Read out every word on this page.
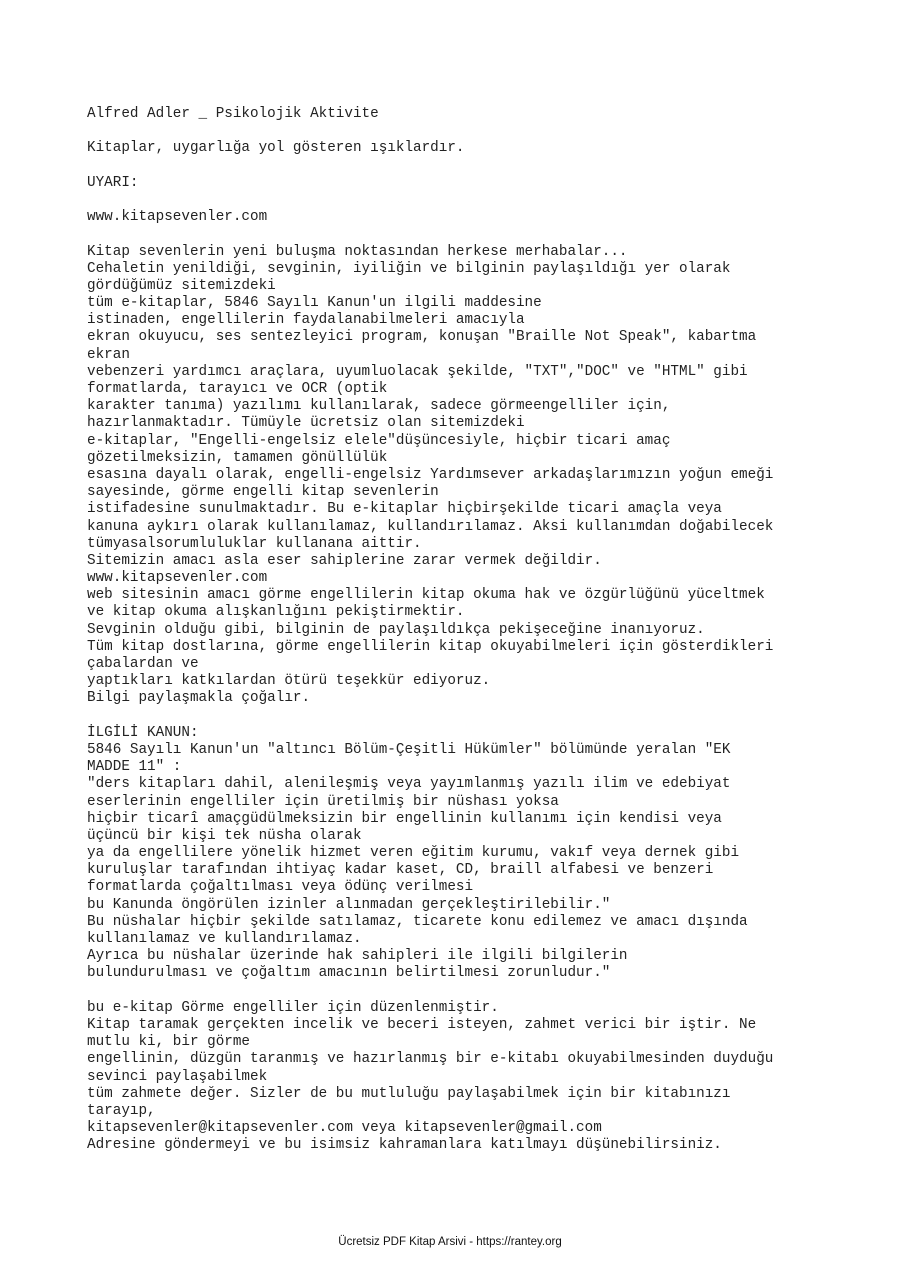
Alfred Adler _ Psikolojik Aktivite
Kitaplar, uygarlığa yol gösteren ışıklardır.
UYARI:
www.kitapsevenler.com
Kitap sevenlerin yeni buluşma noktasından herkese merhabalar...
Cehaletin yenildiği, sevginin, iyiliğin ve bilginin paylaşıldığı yer olarak
gördüğümüz sitemizdeki
tüm e-kitaplar, 5846 Sayılı Kanun'un ilgili maddesine
istinaden, engellilerin faydalanabilmeleri amacıyla
ekran okuyucu, ses sentezleyici program, konuşan "Braille Not Speak", kabartma
ekran
vebenzeri yardımcı araçlara, uyumluolacak şekilde, "TXT","DOC" ve "HTML" gibi
formatlarda, tarayıcı ve OCR (optik
karakter tanıma) yazılımı kullanılarak, sadece görmeengelliler için,
hazırlanmaktadır. Tümüyle ücretsiz olan sitemizdeki
e-kitaplar, "Engelli-engelsiz elele"düşüncesiyle, hiçbir ticari amaç
gözetilmeksizin, tamamen gönüllülük
esasına dayalı olarak, engelli-engelsiz Yardımsever arkadaşlarımızın yoğun emeği
sayesinde, görme engelli kitap sevenlerin
istifadesine sunulmaktadır. Bu e-kitaplar hiçbirşekilde ticari amaçla veya
kanuna aykırı olarak kullanılamaz, kullandırılamaz. Aksi kullanımdan doğabilecek
tümyasalsorumluluklar kullanana aittir.
Sitemizin amacı asla eser sahiplerine zarar vermek değildir.
www.kitapsevenler.com
web sitesinin amacı görme engellilerin kitap okuma hak ve özgürlüğünü yüceltmek
ve kitap okuma alışkanlığını pekiştirmektir.
Sevginin olduğu gibi, bilginin de paylaşıldıkça pekişeceğine inanıyoruz.
Tüm kitap dostlarına, görme engellilerin kitap okuyabilmeleri için gösterdikleri
çabalardan ve
yaptıkları katkılardan ötürü teşekkür ediyoruz.
Bilgi paylaşmakla çoğalır.
İLGİLİ KANUN:
5846 Sayılı Kanun'un "altıncı Bölüm-Çeşitli Hükümler" bölümünde yeralan "EK
MADDE 11" :
"ders kitapları dahil, alenileşmiş veya yayımlanmış yazılı ilim ve edebiyat
eserlerinin engelliler için üretilmiş bir nüshası yoksa
hiçbir ticarî amaçgüdülmeksizin bir engellinin kullanımı için kendisi veya
üçüncü bir kişi tek nüsha olarak
ya da engellilere yönelik hizmet veren eğitim kurumu, vakıf veya dernek gibi
kuruluşlar tarafından ihtiyaç kadar kaset, CD, braill alfabesi ve benzeri
formatlarda çoğaltılması veya ödünç verilmesi
bu Kanunda öngörülen izinler alınmadan gerçekleştirilebilir."
Bu nüshalar hiçbir şekilde satılamaz, ticarete konu edilemez ve amacı dışında
kullanılamaz ve kullandırılamaz.
Ayrıca bu nüshalar üzerinde hak sahipleri ile ilgili bilgilerin
bulundurulması ve çoğaltım amacının belirtilmesi zorunludur."
bu e-kitap Görme engelliler için düzenlenmiştir.
Kitap taramak gerçekten incelik ve beceri isteyen, zahmet verici bir iştir. Ne
mutlu ki, bir görme
engellinin, düzgün taranmış ve hazırlanmış bir e-kitabı okuyabilmesinden duyduğu
sevinci paylaşabilmek
tüm zahmete değer. Sizler de bu mutluluğu paylaşabilmek için bir kitabınızı
tarayıp,
kitapsevenler@kitapsevenler.com veya kitapsevenler@gmail.com
Adresine göndermeyi ve bu isimsiz kahramanlara katılmayı düşünebilirsiniz.
Ücretsiz PDF Kitap Arsivi - https://rantey.org
